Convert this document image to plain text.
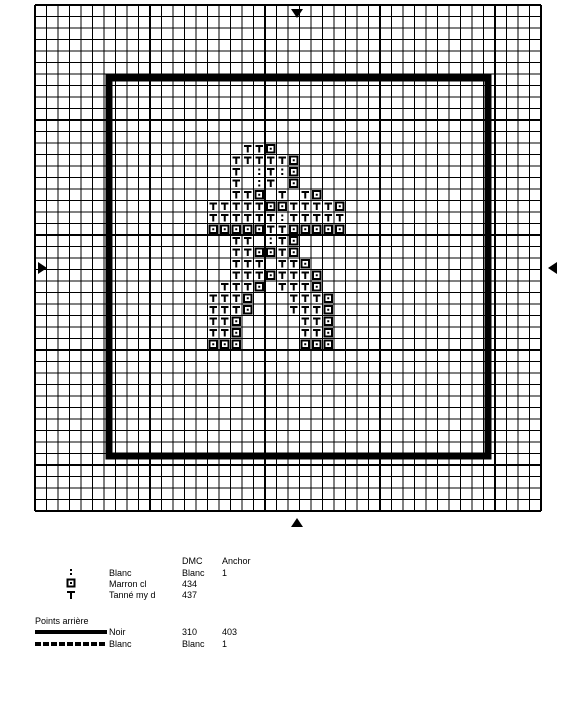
DMC Anchor
Blanc	Blanc 1
Marron cl	434
Tanné my d	437
Points arrière
Noir	310	403
Blanc	Blanc 1
